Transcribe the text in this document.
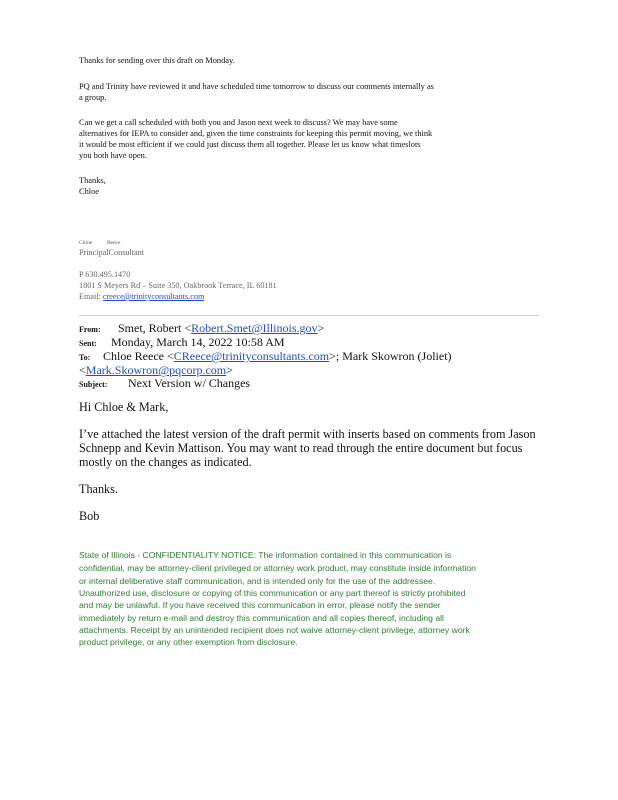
Thanks for sending over this draft on Monday.
PQ and Trinity have reviewed it and have scheduled time tomorrow to discuss our comments internally as
a group.
Can we get a call scheduled with both you and Jason next week to discuss? We may have some
alternatives for IEPA to consider and, given the time constraints for keeping this permit moving, we think
it would be most efficient if we could just discuss them all together. Please let us know what timeslots
you both have open.
Thanks,
Chloe
Chloe	Reece
PrincipalConsultant
P 630.495.1470
1801 S Meyers Rd – Suite 350, Oakbrook Terrace, IL 60181
Email: creece@trinityconsultants.com
From: Smet, Robert <Robert.Smet@Illinois.gov>
Sent: Monday, March 14, 2022 10:58 AM
To: Chloe Reece <CReece@trinityconsultants.com>; Mark Skowron (Joliet)
<Mark.Skowron@pqcorp.com>
Subject: Next Version w/ Changes
Hi Chloe & Mark,
I’ve attached the latest version of the draft permit with inserts based on comments from Jason
Schnepp and Kevin Mattison. You may want to read through the entire document but focus
mostly on the changes as indicated.
Thanks.
Bob
State of Illinois - CONFIDENTIALITY NOTICE: The information contained in this communication is
confidential, may be attorney-client privileged or attorney work product, may constitute inside information
or internal deliberative staff communication, and is intended only for the use of the addressee.
Unauthorized use, disclosure or copying of this communication or any part thereof is strictly prohibited
and may be unlawful. If you have received this communication in error, please notify the sender
immediately by return e-mail and destroy this communication and all copies thereof, including all
attachments. Receipt by an unintended recipient does not waive attorney-client privilege, attorney work
product privilege, or any other exemption from disclosure.
